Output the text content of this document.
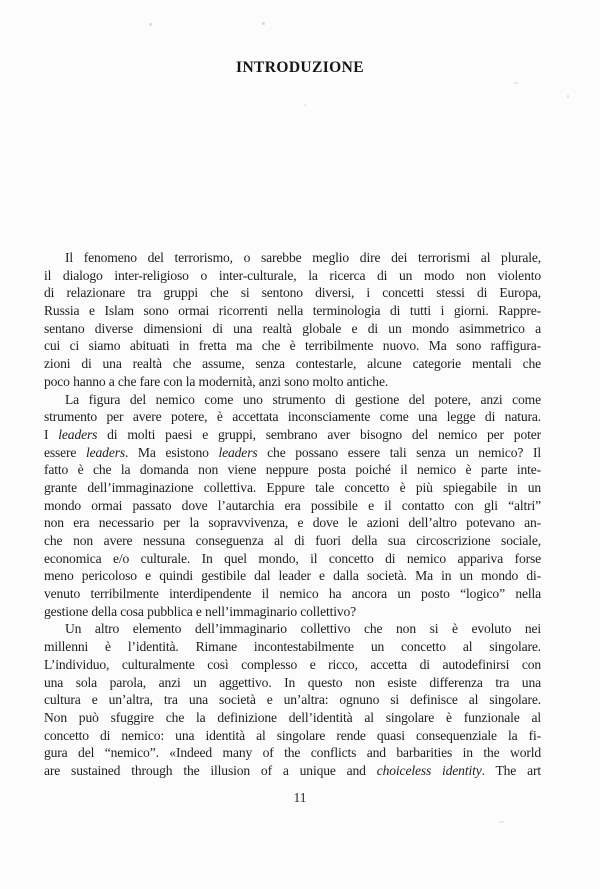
INTRODUZIONE
Il fenomeno del terrorismo, o sarebbe meglio dire dei terrorismi al plurale,
il dialogo inter-religioso o inter-culturale, la ricerca di un modo non violento
di relazionare tra gruppi che si sentono diversi, i concetti stessi di Europa,
Russia e Islam sono ormai ricorrenti nella terminologia di tutti i giorni. Rappre-
sentano diverse dimensioni di una realtà globale e di un mondo asimmetrico a
cui ci siamo abituati in fretta ma che è terribilmente nuovo. Ma sono raffigura-
zioni di una realtà che assume, senza contestarle, alcune categorie mentali che
poco hanno a che fare con la modernità, anzi sono molto antiche.
La figura del nemico come uno strumento di gestione del potere, anzi come
strumento per avere potere, è accettata inconsciamente come una legge di natura.
I leaders di molti paesi e gruppi, sembrano aver bisogno del nemico per poter
essere leaders. Ma esistono leaders che possano essere tali senza un nemico? Il
fatto è che la domanda non viene neppure posta poiché il nemico è parte inte-
grante dell’immaginazione collettiva. Eppure tale concetto è più spiegabile in un
mondo ormai passato dove l’autarchia era possibile e il contatto con gli “altri”
non era necessario per la sopravvivenza, e dove le azioni dell’altro potevano an-
che non avere nessuna conseguenza al di fuori della sua circoscrizione sociale,
economica e/o culturale. In quel mondo, il concetto di nemico appariva forse
meno pericoloso e quindi gestibile dal leader e dalla società. Ma in un mondo di-
venuto terribilmente interdipendente il nemico ha ancora un posto “logico” nella
gestione della cosa pubblica e nell’immaginario collettivo?
Un altro elemento dell’immaginario collettivo che non si è evoluto nei
millenni è l’identità. Rimane incontestabilmente un concetto al singolare.
L’individuo, culturalmente così complesso e ricco, accetta di autodefinirsi con
una sola parola, anzi un aggettivo. In questo non esiste differenza tra una
cultura e un’altra, tra una società e un’altra: ognuno si definisce al singolare.
Non può sfuggire che la definizione dell’identità al singolare è funzionale al
concetto di nemico: una identità al singolare rende quasi consequenziale la fi-
gura del “nemico”. «Indeed many of the conflicts and barbarities in the world
are sustained through the illusion of a unique and choiceless identity. The art
11
